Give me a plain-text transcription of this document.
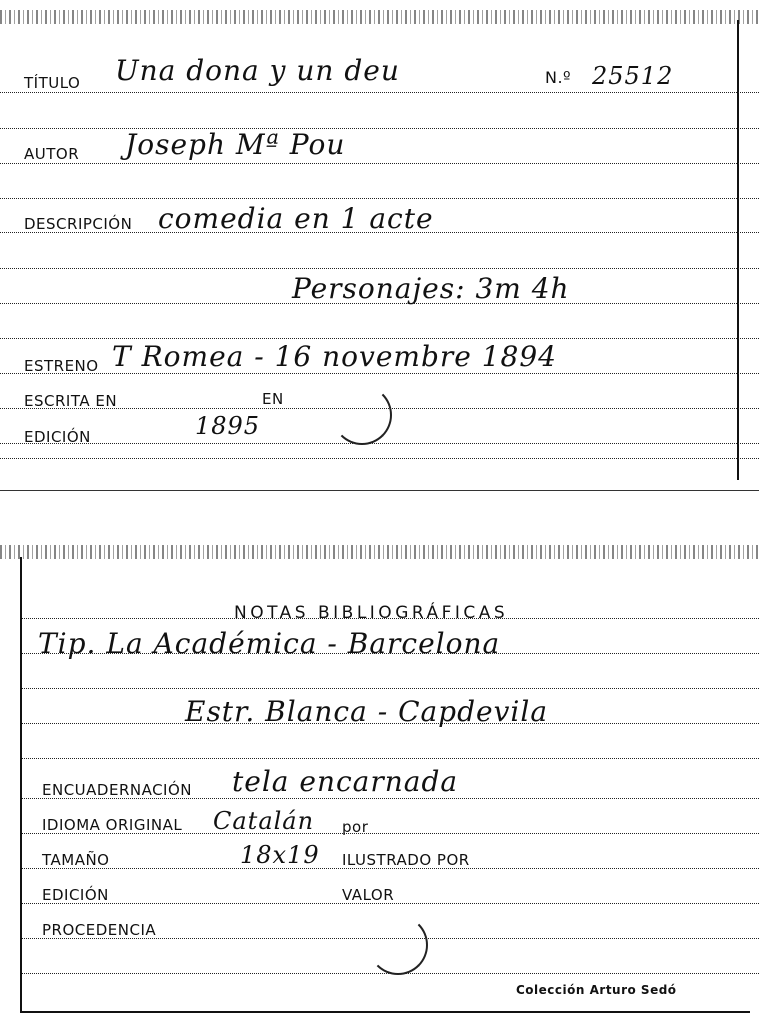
TÍTULO Una dona y un deu	N.º 25512
AUTOR Joseph Mª Pou
DESCRIPCIÓN comedia en 1 acte
Personajes: 3m 4h
ESTRENO T Romea - 16 novembre 1894
ESCRITA EN	EN
EDICIÓN	1895
NOTAS BIBLIOGRÁFICAS
Tip. La Académica - Barcelona
Estr. Blanca - Capdevila
ENCUADERNACIÓN tela encarnada
IDIOMA ORIGINAL Catalán por
TAMAÑO	18x19 ILUSTRADO POR
EDICIÓN	VALOR
PROCEDENCIA
Colección Arturo Sedó
